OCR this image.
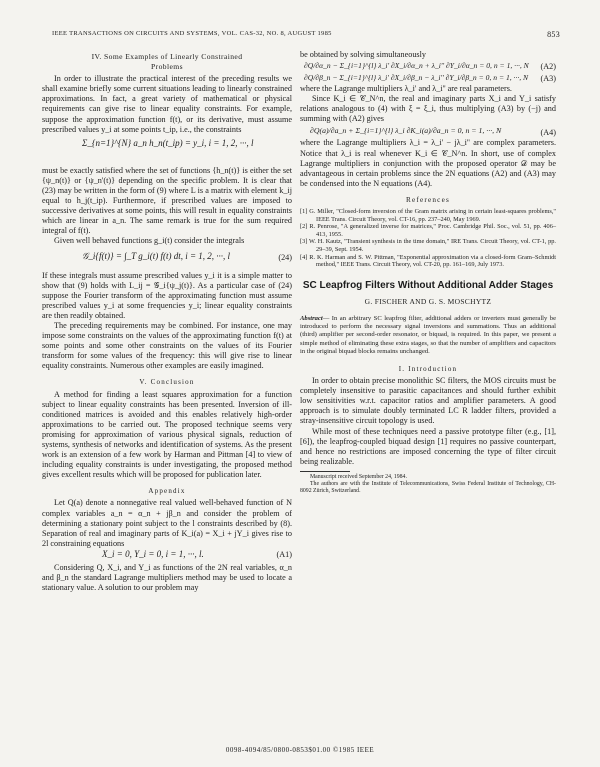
IEEE TRANSACTIONS ON CIRCUITS AND SYSTEMS, VOL. CAS-32, NO. 8, AUGUST 1985	853
IV. Some Examples of Linearly Constrained
Problems

In order to illustrate the practical interest of the preceding results we shall examine briefly some current situations leading to linearly constrained approximations. In fact, a great variety of mathematical or physical requirements can give rise to linear equality constraints. For example, suppose the approximation function f(t), or its derivative, must assume prescribed values y_i at some points t_ip, i.e., the constraints

Σ_{n=1}^{N} a_n h_n(t_ip) = y_i, i = 1, 2, ···, l

must be exactly satisfied where the set of functions {h_n(t)} is either the set {ψ_n(t)} or {ψ_n'(t)} depending on the specific problem. It is clear that (23) may be written in the form of (9) where L is a matrix with element k_ij equal to h_j(t_ip). Furthermore, if prescribed values are imposed to successive derivatives at some points, this will result in equality constraints which are linear in a_n. The same remark is true for the sum required integral of f(t).

Given well behaved functions g_i(t) consider the integrals

𝒢_i{f(t)} = ∫_T g_i(t) f(t) dt, i = 1, 2, ···, l	(24)

If these integrals must assume prescribed values y_i it is a simple matter to show that (9) holds with L_ij = 𝒢_i{ψ_j(t)}. As a particular case of (24) suppose the Fourier transform of the approximating function must assume prescribed values y_i at some frequencies y_i; linear equality constraints are then readily obtained.

The preceding requirements may be combined. For instance, one may impose some constraints on the values of the approximating function f(t) at some points and some other constraints on the values of its Fourier transform for some values of the frequency: this will give rise to linear equality constraints. Numerous other examples are easily imagined.

V. Conclusion

A method for finding a least squares approximation for a function subject to linear equality constraints has been presented. Inversion of ill-conditioned matrices is avoided and this enables relatively high-order approximations to be carried out. The proposed technique seems very promising for approximation of various physical signals, reduction of systems, synthesis of networks and identification of systems. As the present work is an extension of a few work by Harman and Pittman [4] to view of including equality constraints is under investigating, the proposed method gives excellent results which will be proposed for publication later.

Appendix

Let Q(a) denote a nonnegative real valued well-behaved function of N complex variables a_n = α_n + jβ_n and consider the problem of determining a stationary point subject to the l constraints described by (8). Separation of real and imaginary parts of K_i(a) = X_i + jY_i gives rise to 2l constraining equations

X_i = 0, Y_i = 0, i = 1, ···, l.	(A1)

Considering Q, X_i, and Y_i as functions of the 2N real variables, α_n and β_n the standard Lagrange multipliers method may be used to locate a stationary value. A solution to our problem may

be obtained by solving simultaneously

∂Q/∂α_n − Σ_{i=1}^{l} λ_i' ∂X_i/∂α_n + λ_i'' ∂Y_i/∂α_n = 0, n = 1, ···, N	(A2)
∂Q/∂β_n − Σ_{i=1}^{l} λ_i' ∂X_i/∂β_n − λ_i'' ∂Y_i/∂β_n = 0, n = 1, ···, N	(A3)

where the Lagrange multipliers λ_i' and λ_i'' are real parameters.

Since K_i ∈ 𝒞_N^n, the real and imaginary parts X_i and Y_i satisfy relations analogous to (4) with ξ = ξ_i, thus multiplying (A3) by (−j) and summing with (A2) gives

∂Q(a)/∂a_n + Σ_{i=1}^{l} λ_i ∂K_i(a)/∂a_n = 0, n = 1, ···, N	(A4)

where the Lagrange multipliers λ_i = λ_i' − jλ_i'' are complex parameters. Notice that λ_i is real whenever K_i ∈ 𝒞_N^n. In short, use of complex Lagrange multipliers in conjunction with the proposed operator 𝒟 may be advantageous in certain problems since the 2N equations (A2) and (A3) may be condensed into the N equations (A4).

References
[1] G. Miller, "Closed-form inversion of the Gram matrix arising in certain least-squares problems," IEEE Trans. Circuit Theory, vol. CT-16, pp. 237–240, May 1969.
[2] R. Penrose, "A generalized inverse for matrices," Proc. Cambridge Phil. Soc., vol. 51, pp. 406–413, 1955.
[3] W. H. Kautz, "Transient synthesis in the time domain," IRE Trans. Circuit Theory, vol. CT-1, pp. 29–39, Sept. 1954.
[4] R. K. Harman and S. W. Pittman, "Exponential approximation via a closed-form Gram–Schmidt method," IEEE Trans. Circuit Theory, vol. CT-20, pp. 161–169, July 1973.
SC Leapfrog Filters Without Additional Adder Stages
G. FISCHER AND G. S. MOSCHYTZ
Abstract— In an arbitrary SC leapfrog filter, additional adders or inverters must generally be introduced to perform the necessary signal inversions and summations. Thus an additional (third) amplifier per second-order resonator, or biquad, is required. In this paper, we present a simple method of eliminating these extra stages, so that the number of amplifiers and capacitors in the original biquad blocks remains unchanged.
I. Introduction

In order to obtain precise monolithic SC filters, the MOS circuits must be completely insensitive to parasitic capacitances and should further exhibit low sensitivities w.r.t. capacitor ratios and amplifier parameters. A good approach is to simulate doubly terminated LC R ladder filters, provided a stray-insensitive circuit topology is used.

While most of these techniques need a passive prototype filter (e.g., [1], [6]), the leapfrog-coupled biquad design [1] requires no passive counterpart, and hence no restrictions are imposed concerning the type of filter circuit being realizable.

Manuscript received September 24, 1984.
The authors are with the Institute of Telecommunications, Swiss Federal Institute of Technology, CH-8092 Zürich, Switzerland.
0098-4094/85/0800-0853$01.00 ©1985 IEEE
